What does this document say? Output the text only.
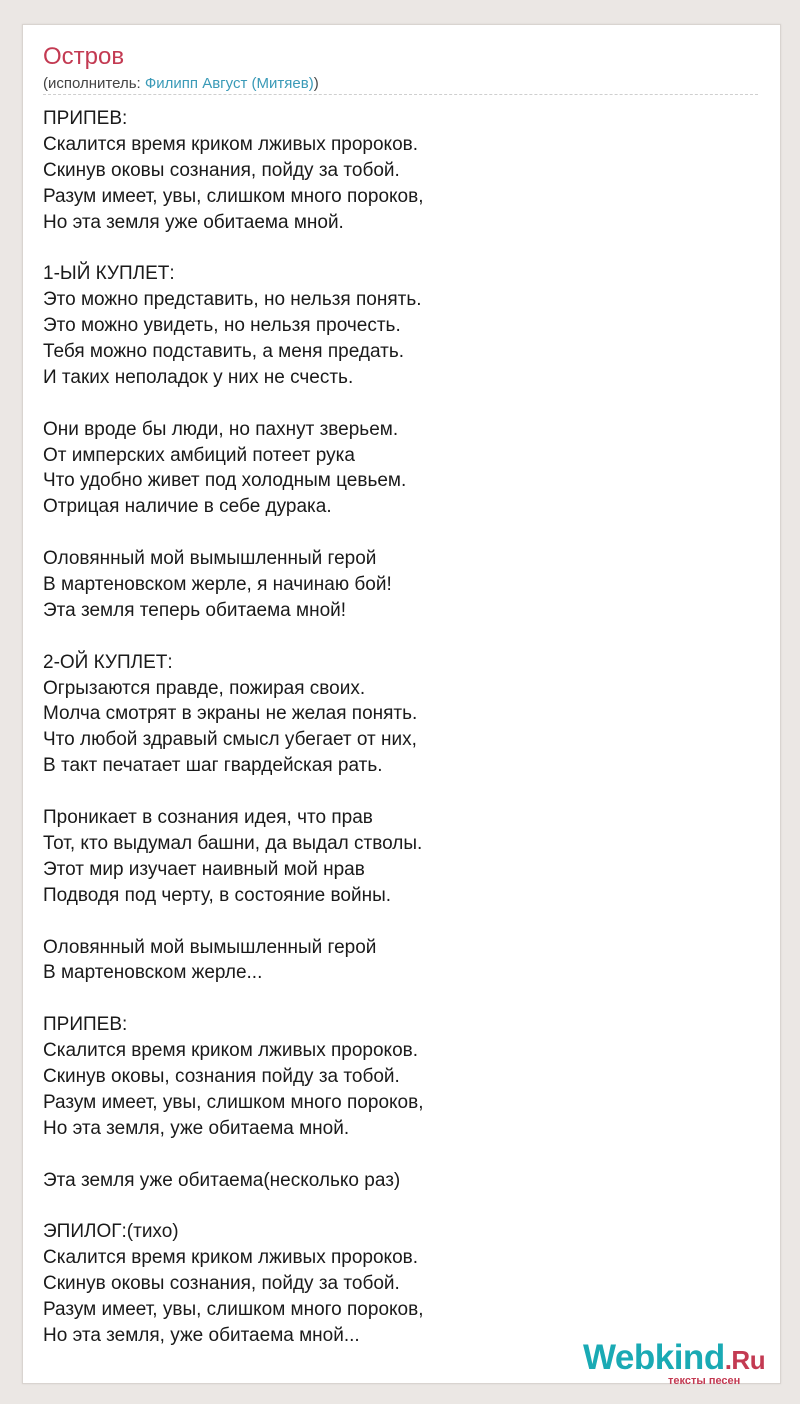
Остров
(исполнитель: Филипп Август (Митяев))
ПРИПЕВ:
Скалится время криком лживых пророков.
Скинув оковы сознания, пойду за тобой.
Разум имеет, увы, слишком много пороков,
Но эта земля уже обитаема мной.
1-ЫЙ КУПЛЕТ:
Это можно представить, но нельзя понять.
Это можно увидеть, но нельзя прочесть.
Тебя можно подставить, а меня предать.
И таких неполадок у них не счесть.
Они вроде бы люди, но пахнут зверьем.
От имперских амбиций потеет рука
Что удобно живет под холодным цевьем.
Отрицая наличие в себе дурака.
Оловянный мой вымышленный герой
В мартеновском жерле, я начинаю бой!
Эта земля теперь обитаема мной!
2-ОЙ КУПЛЕТ:
Огрызаются правде, пожирая своих.
Молча смотрят в экраны не желая понять.
Что любой здравый смысл убегает от них,
В такт печатает шаг гвардейская рать.
Проникает в сознания идея, что прав
Тот, кто выдумал башни, да выдал стволы.
Этот мир изучает наивный мой нрав
Подводя под черту, в состояние войны.
Оловянный мой вымышленный герой
В мартеновском жерле...
ПРИПЕВ:
Скалится время криком лживых пророков.
Скинув оковы, сознания пойду за тобой.
Разум имеет, увы, слишком много пороков,
Но эта земля, уже обитаема мной.
Эта земля уже обитаема(несколько раз)
ЭПИЛОГ:(тихо)
Скалится время криком лживых пророков.
Скинув оковы сознания, пойду за тобой.
Разум имеет, увы, слишком много пороков,
Но эта земля, уже обитаема мной...
Webkind.Ru
тексты песен
